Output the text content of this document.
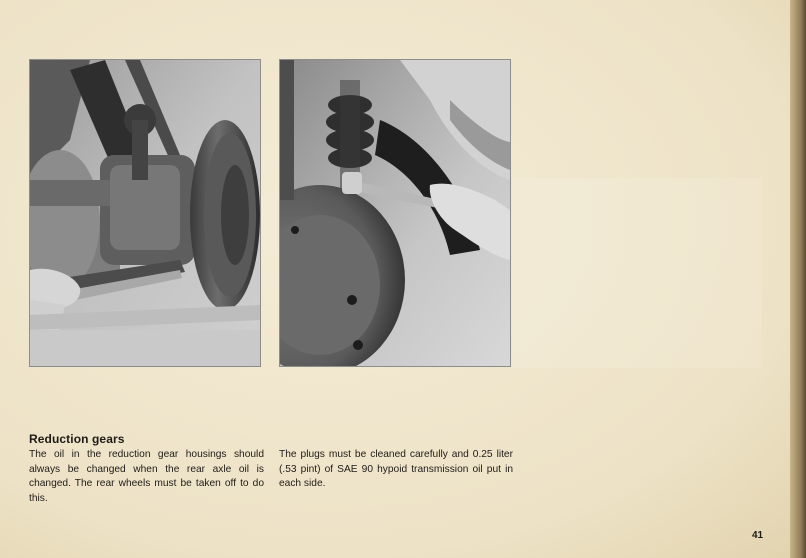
Reduction gears

The oil in the reduction gear housings should always be changed when the rear axle oil is changed. The rear wheels must be taken off to do this.

The plugs must be cleaned carefully and 0.25 liter (.53 pint) of SAE 90 hypoid transmission oil put in each side.

41
